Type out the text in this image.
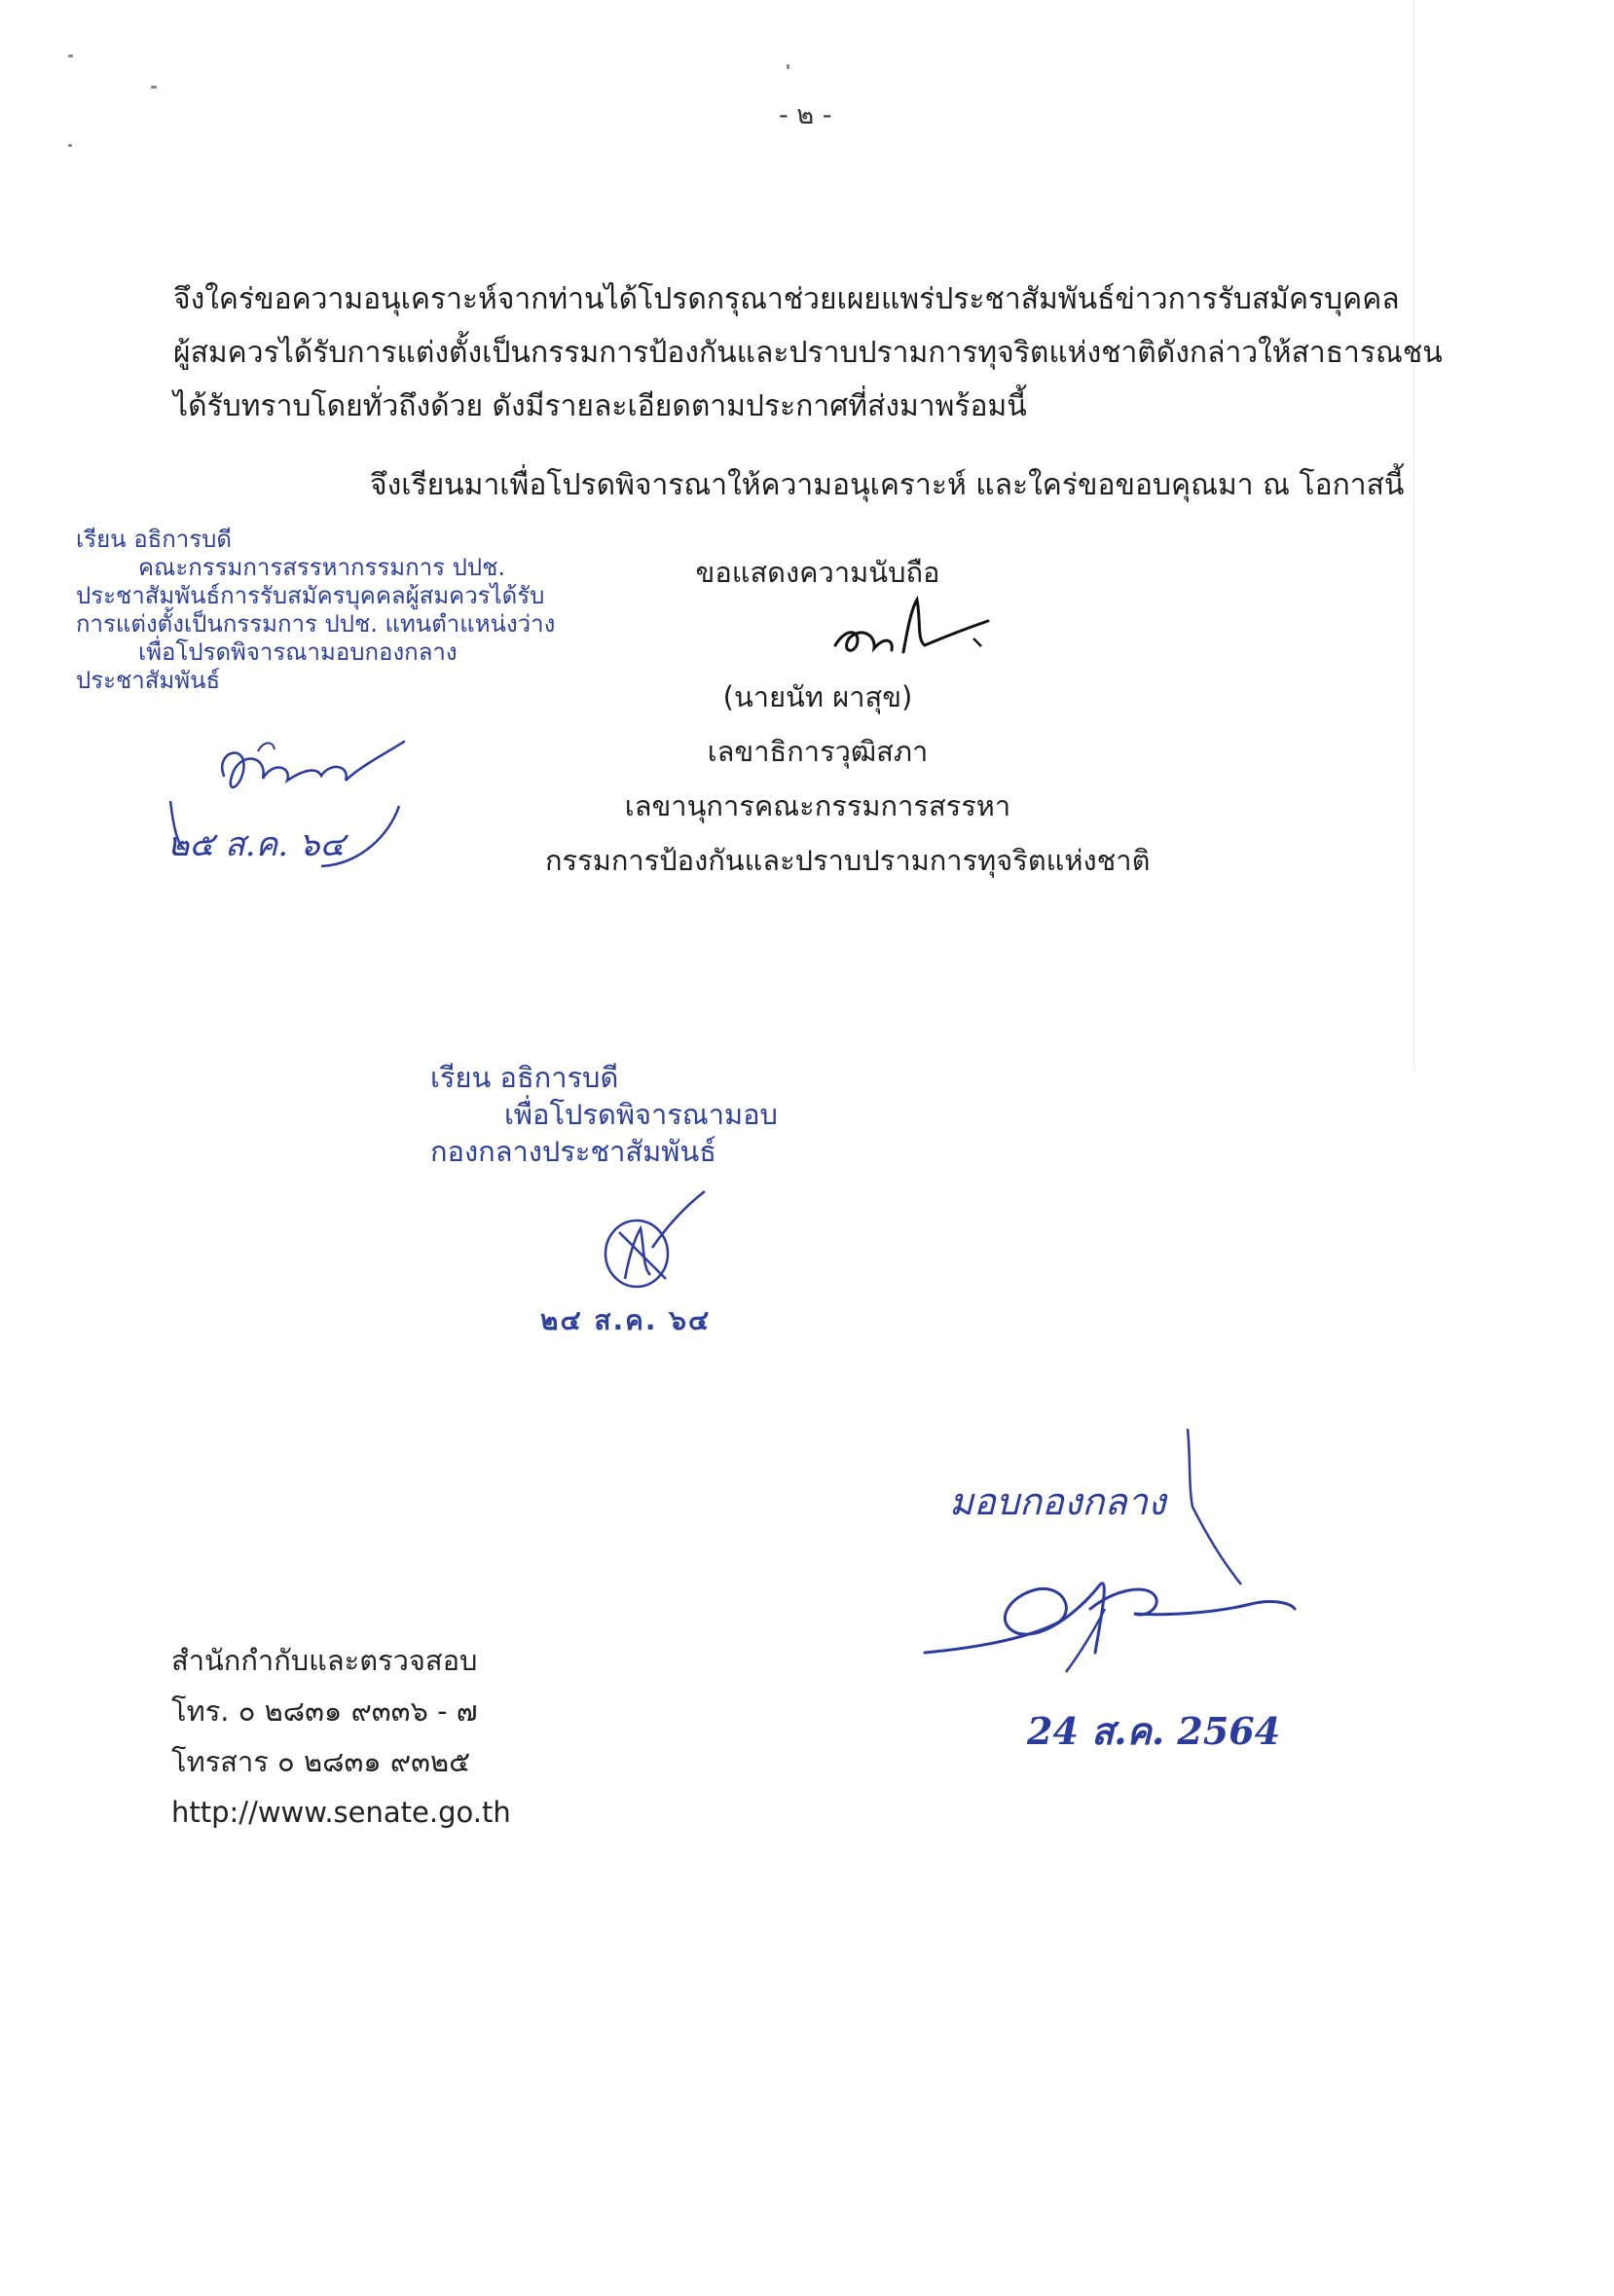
- ๒ -
จึงใคร่ขอความอนุเคราะห์จากท่านได้โปรดกรุณาช่วยเผยแพร่ประชาสัมพันธ์ข่าวการรับสมัครบุคคล
ผู้สมควรได้รับการแต่งตั้งเป็นกรรมการป้องกันและปราบปรามการทุจริตแห่งชาติดังกล่าวให้สาธารณชน
ได้รับทราบโดยทั่วถึงด้วย ดังมีรายละเอียดตามประกาศที่ส่งมาพร้อมนี้
จึงเรียนมาเพื่อโปรดพิจารณาให้ความอนุเคราะห์ และใคร่ขอขอบคุณมา ณ โอกาสนี้
เรียน อธิการบดี
คณะกรรมการสรรหากรรมการ ปปช.
ประชาสัมพันธ์การรับสมัครบุคคลผู้สมควรได้รับ
การแต่งตั้งเป็นกรรมการ ปปช. แทนตำแหน่งว่าง
เพื่อโปรดพิจารณามอบกองกลาง
ประชาสัมพันธ์
๒๕ ส.ค. ๖๔
ขอแสดงความนับถือ
(นายนัท ผาสุข)
เลขาธิการวุฒิสภา
เลขานุการคณะกรรมการสรรหา
กรรมการป้องกันและปราบปรามการทุจริตแห่งชาติ
เรียน อธิการบดี
เพื่อโปรดพิจารณามอบ
กองกลางประชาสัมพันธ์
๒๔ ส.ค. ๖๔
มอบกองกลาง
24 ส.ค. 2564
สำนักกำกับและตรวจสอบ
โทร. ๐ ๒๘๓๑ ๙๓๓๖ - ๗
โทรสาร ๐ ๒๘๓๑ ๙๓๒๕
http://www.senate.go.th
